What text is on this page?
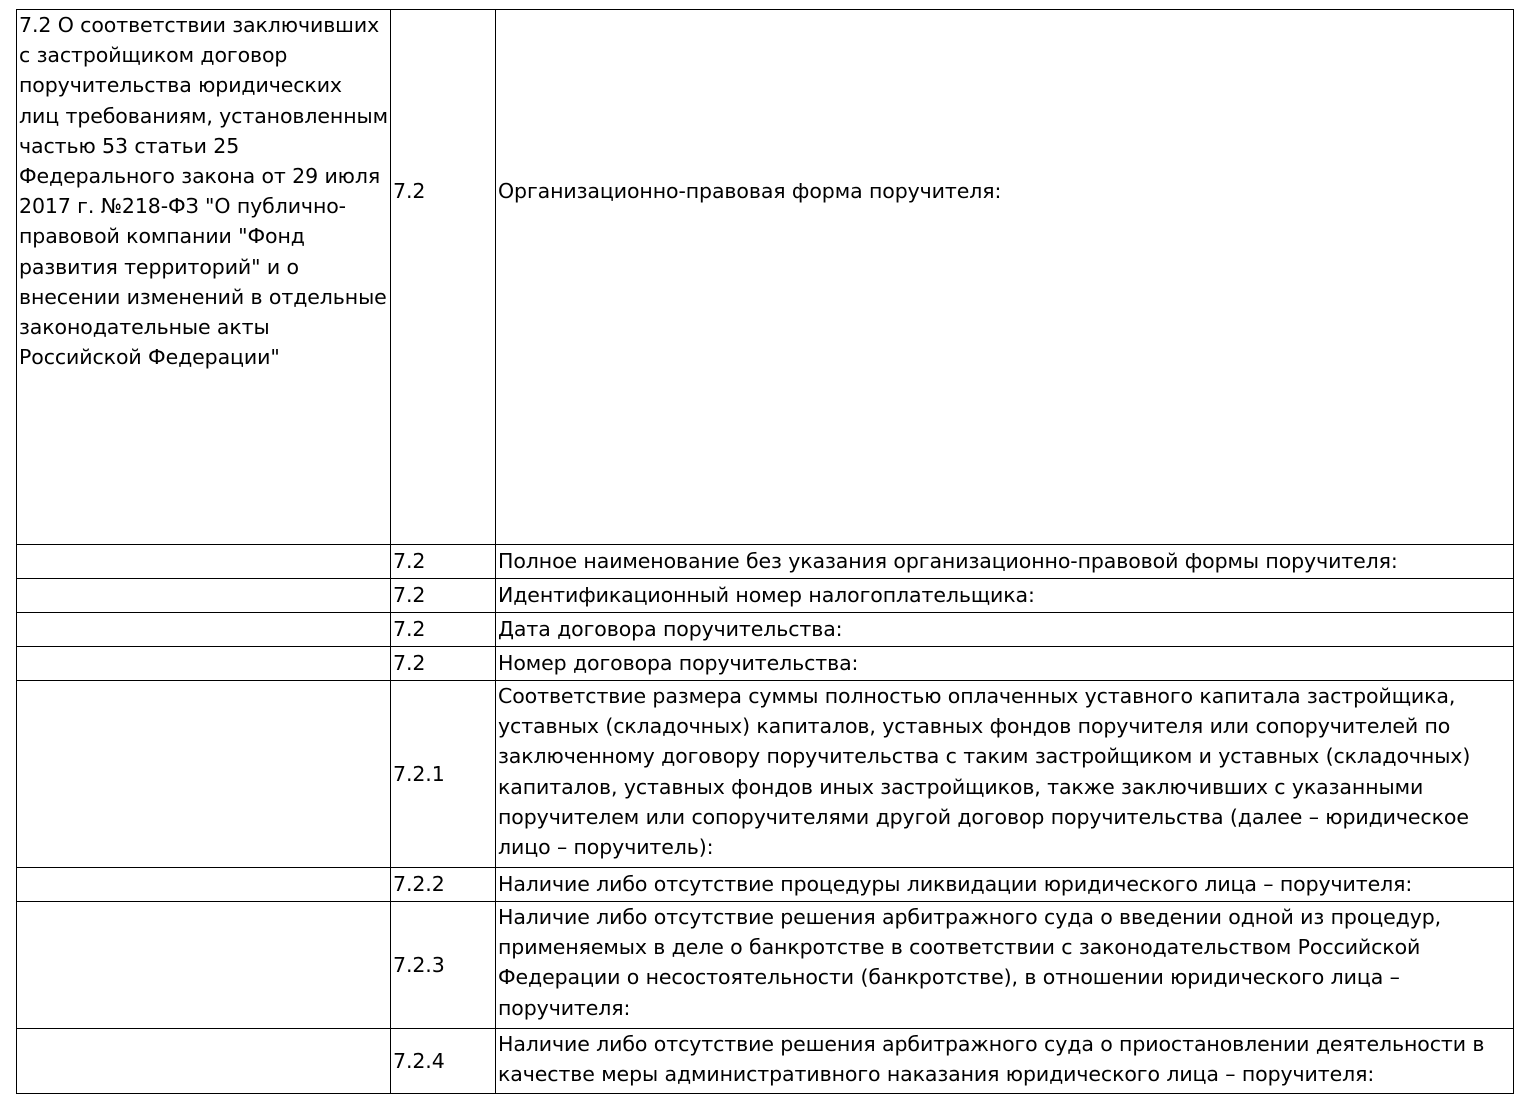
7.2 О соответствии заключивших с застройщиком договор поручительства юридических лиц требованиям, установленным частью 53 статьи 25 Федерального закона от 29 июля 2017 г. №218-ФЗ "О публично-правовой компании "Фонд развития территорий" и о внесении изменений в отдельные законодательные акты Российской Федерации"	7.2	Организационно-правовая форма поручителя:

	7.2	Полное наименование без указания организационно-правовой формы поручителя:

	7.2	Идентификационный номер налогоплательщика:

	7.2	Дата договора поручительства:

	7.2	Номер договора поручительства:

	7.2.1	Соответствие размера суммы полностью оплаченных уставного капитала застройщика, уставных (складочных) капиталов, уставных фондов поручителя или сопоручителей по заключенному договору поручительства с таким застройщиком и уставных (складочных) капиталов, уставных фондов иных застройщиков, также заключивших с указанными поручителем или сопоручителями другой договор поручительства (далее – юридическое лицо – поручитель):

	7.2.2	Наличие либо отсутствие процедуры ликвидации юридического лица – поручителя:

	7.2.3	Наличие либо отсутствие решения арбитражного суда о введении одной из процедур, применяемых в деле о банкротстве в соответствии с законодательством Российской Федерации о несостоятельности (банкротстве), в отношении юридического лица – поручителя:

	7.2.4	Наличие либо отсутствие решения арбитражного суда о приостановлении деятельности в качестве меры административного наказания юридического лица – поручителя:
